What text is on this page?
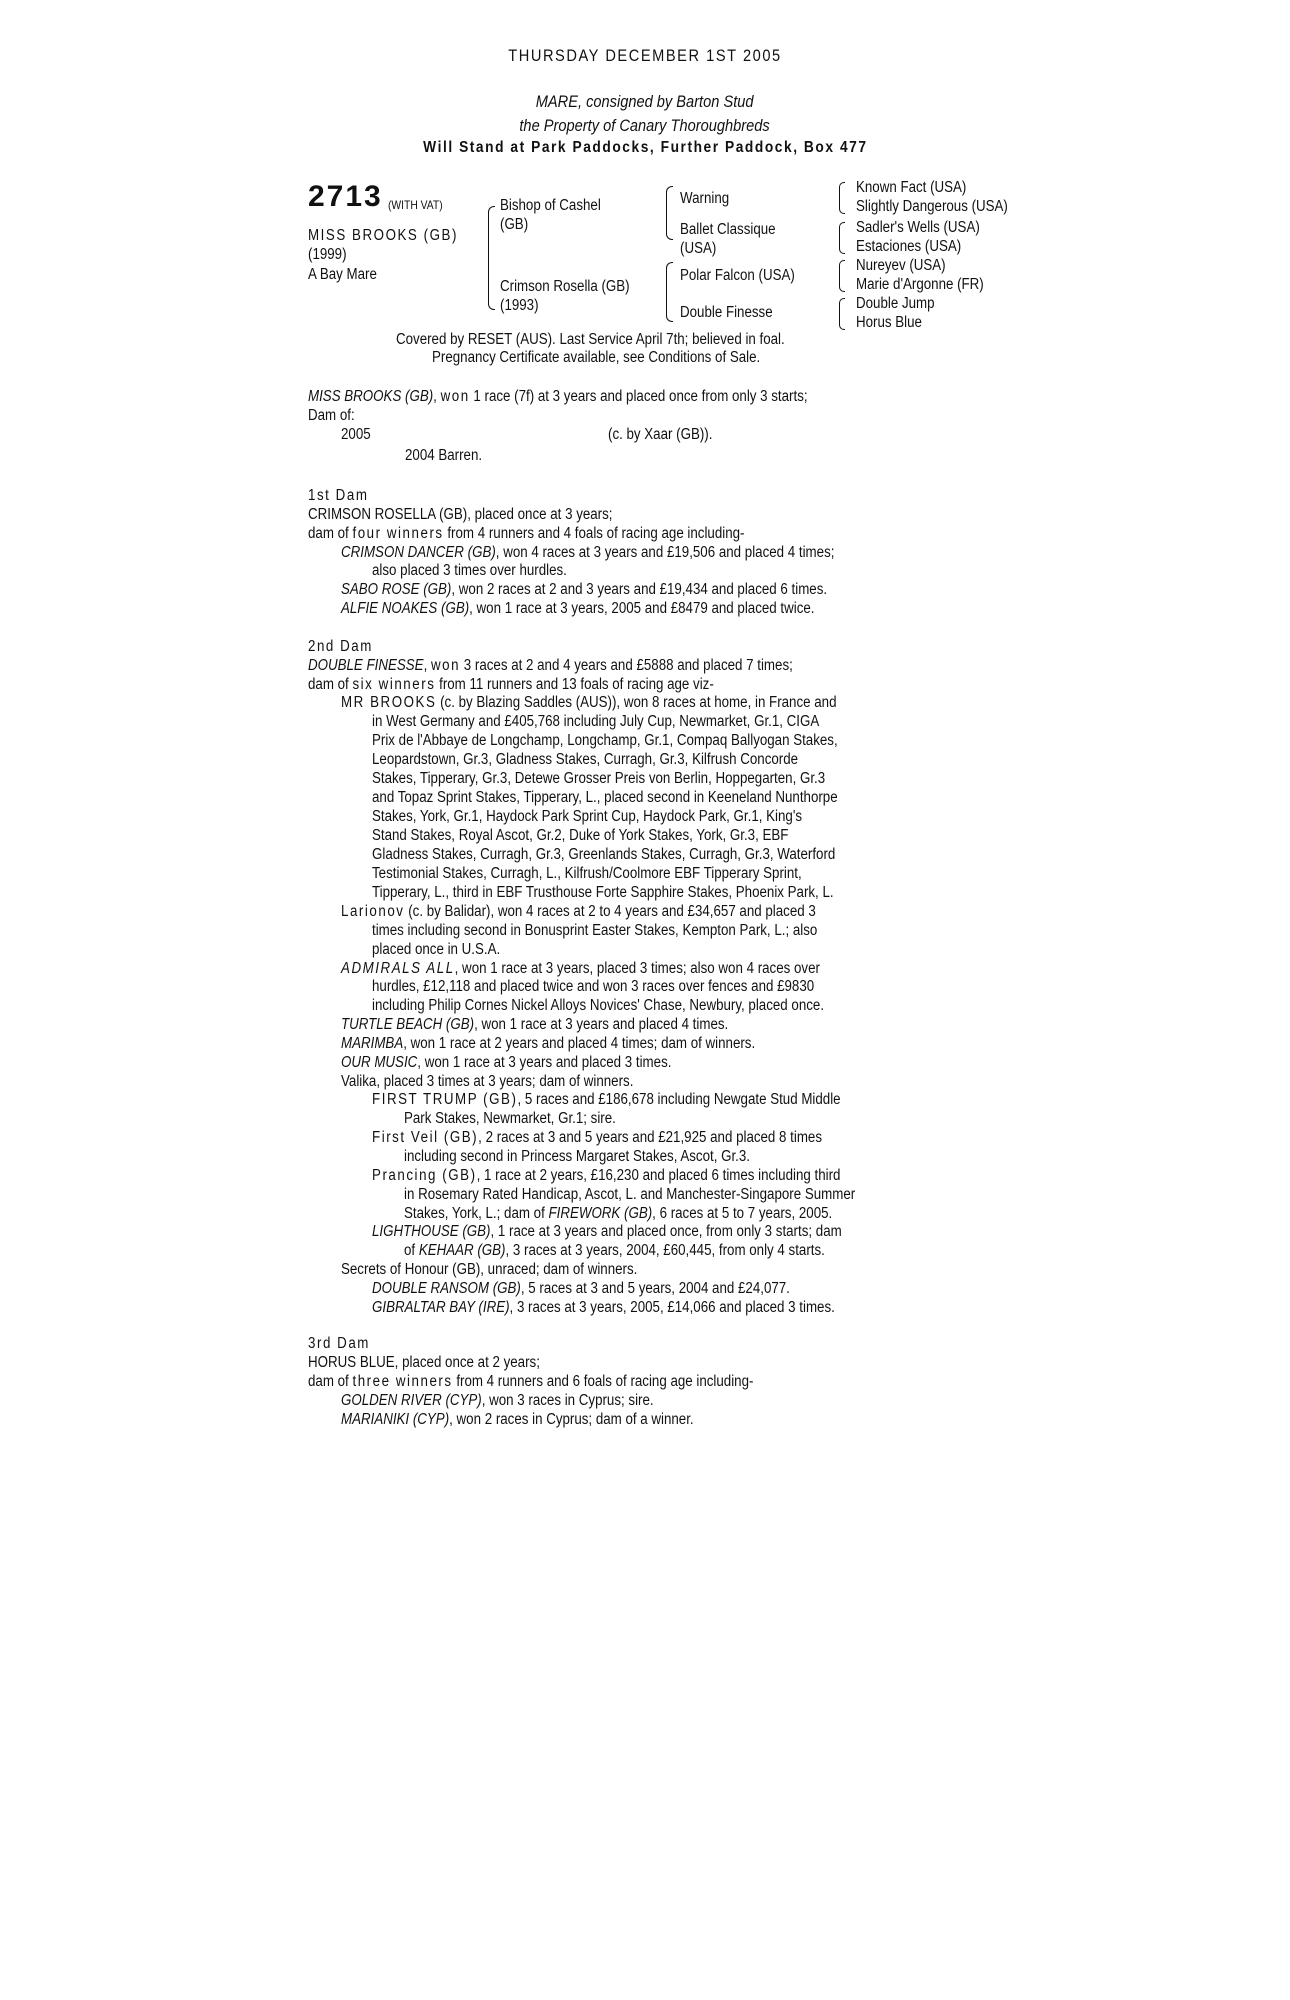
THURSDAY DECEMBER 1ST 2005
MARE, consigned by Barton Stud
the Property of Canary Thoroughbreds
Will Stand at Park Paddocks, Further Paddock, Box 477
2713 (WITH VAT)
MISS BROOKS (GB)
(1999)
A Bay Mare
Bishop of Cashel
(GB)
Crimson Rosella (GB)
(1993)
Warning
Ballet Classique
(USA)
Polar Falcon (USA)
Double Finesse
Known Fact (USA)
Slightly Dangerous (USA)
Sadler's Wells (USA)
Estaciones (USA)
Nureyev (USA)
Marie d'Argonne (FR)
Double Jump
Horus Blue
Covered by RESET (AUS). Last Service April 7th; believed in foal.
Pregnancy Certificate available, see Conditions of Sale.
MISS BROOKS (GB), won 1 race (7f) at 3 years and placed once from only 3 starts;
Dam of:
2005	(c. by Xaar (GB)).
2004 Barren.
1st Dam
CRIMSON ROSELLA (GB), placed once at 3 years;
dam of four winners from 4 runners and 4 foals of racing age including-
CRIMSON DANCER (GB), won 4 races at 3 years and £19,506 and placed 4 times;
also placed 3 times over hurdles.
SABO ROSE (GB), won 2 races at 2 and 3 years and £19,434 and placed 6 times.
ALFIE NOAKES (GB), won 1 race at 3 years, 2005 and £8479 and placed twice.
2nd Dam
DOUBLE FINESSE, won 3 races at 2 and 4 years and £5888 and placed 7 times;
dam of six winners from 11 runners and 13 foals of racing age viz-
MR BROOKS (c. by Blazing Saddles (AUS)), won 8 races at home, in France and
in West Germany and £405,768 including July Cup, Newmarket, Gr.1, CIGA
Prix de l'Abbaye de Longchamp, Longchamp, Gr.1, Compaq Ballyogan Stakes,
Leopardstown, Gr.3, Gladness Stakes, Curragh, Gr.3, Kilfrush Concorde
Stakes, Tipperary, Gr.3, Detewe Grosser Preis von Berlin, Hoppegarten, Gr.3
and Topaz Sprint Stakes, Tipperary, L., placed second in Keeneland Nunthorpe
Stakes, York, Gr.1, Haydock Park Sprint Cup, Haydock Park, Gr.1, King's
Stand Stakes, Royal Ascot, Gr.2, Duke of York Stakes, York, Gr.3, EBF
Gladness Stakes, Curragh, Gr.3, Greenlands Stakes, Curragh, Gr.3, Waterford
Testimonial Stakes, Curragh, L., Kilfrush/Coolmore EBF Tipperary Sprint,
Tipperary, L., third in EBF Trusthouse Forte Sapphire Stakes, Phoenix Park, L.
Larionov (c. by Balidar), won 4 races at 2 to 4 years and £34,657 and placed 3
times including second in Bonusprint Easter Stakes, Kempton Park, L.; also
placed once in U.S.A.
ADMIRALS ALL, won 1 race at 3 years, placed 3 times; also won 4 races over
hurdles, £12,118 and placed twice and won 3 races over fences and £9830
including Philip Cornes Nickel Alloys Novices' Chase, Newbury, placed once.
TURTLE BEACH (GB), won 1 race at 3 years and placed 4 times.
MARIMBA, won 1 race at 2 years and placed 4 times; dam of winners.
OUR MUSIC, won 1 race at 3 years and placed 3 times.
Valika, placed 3 times at 3 years; dam of winners.
FIRST TRUMP (GB), 5 races and £186,678 including Newgate Stud Middle
Park Stakes, Newmarket, Gr.1; sire.
First Veil (GB), 2 races at 3 and 5 years and £21,925 and placed 8 times
including second in Princess Margaret Stakes, Ascot, Gr.3.
Prancing (GB), 1 race at 2 years, £16,230 and placed 6 times including third
in Rosemary Rated Handicap, Ascot, L. and Manchester-Singapore Summer
Stakes, York, L.; dam of FIREWORK (GB), 6 races at 5 to 7 years, 2005.
LIGHTHOUSE (GB), 1 race at 3 years and placed once, from only 3 starts; dam
of KEHAAR (GB), 3 races at 3 years, 2004, £60,445, from only 4 starts.
Secrets of Honour (GB), unraced; dam of winners.
DOUBLE RANSOM (GB), 5 races at 3 and 5 years, 2004 and £24,077.
GIBRALTAR BAY (IRE), 3 races at 3 years, 2005, £14,066 and placed 3 times.
3rd Dam
HORUS BLUE, placed once at 2 years;
dam of three winners from 4 runners and 6 foals of racing age including-
GOLDEN RIVER (CYP), won 3 races in Cyprus; sire.
MARIANIKI (CYP), won 2 races in Cyprus; dam of a winner.
